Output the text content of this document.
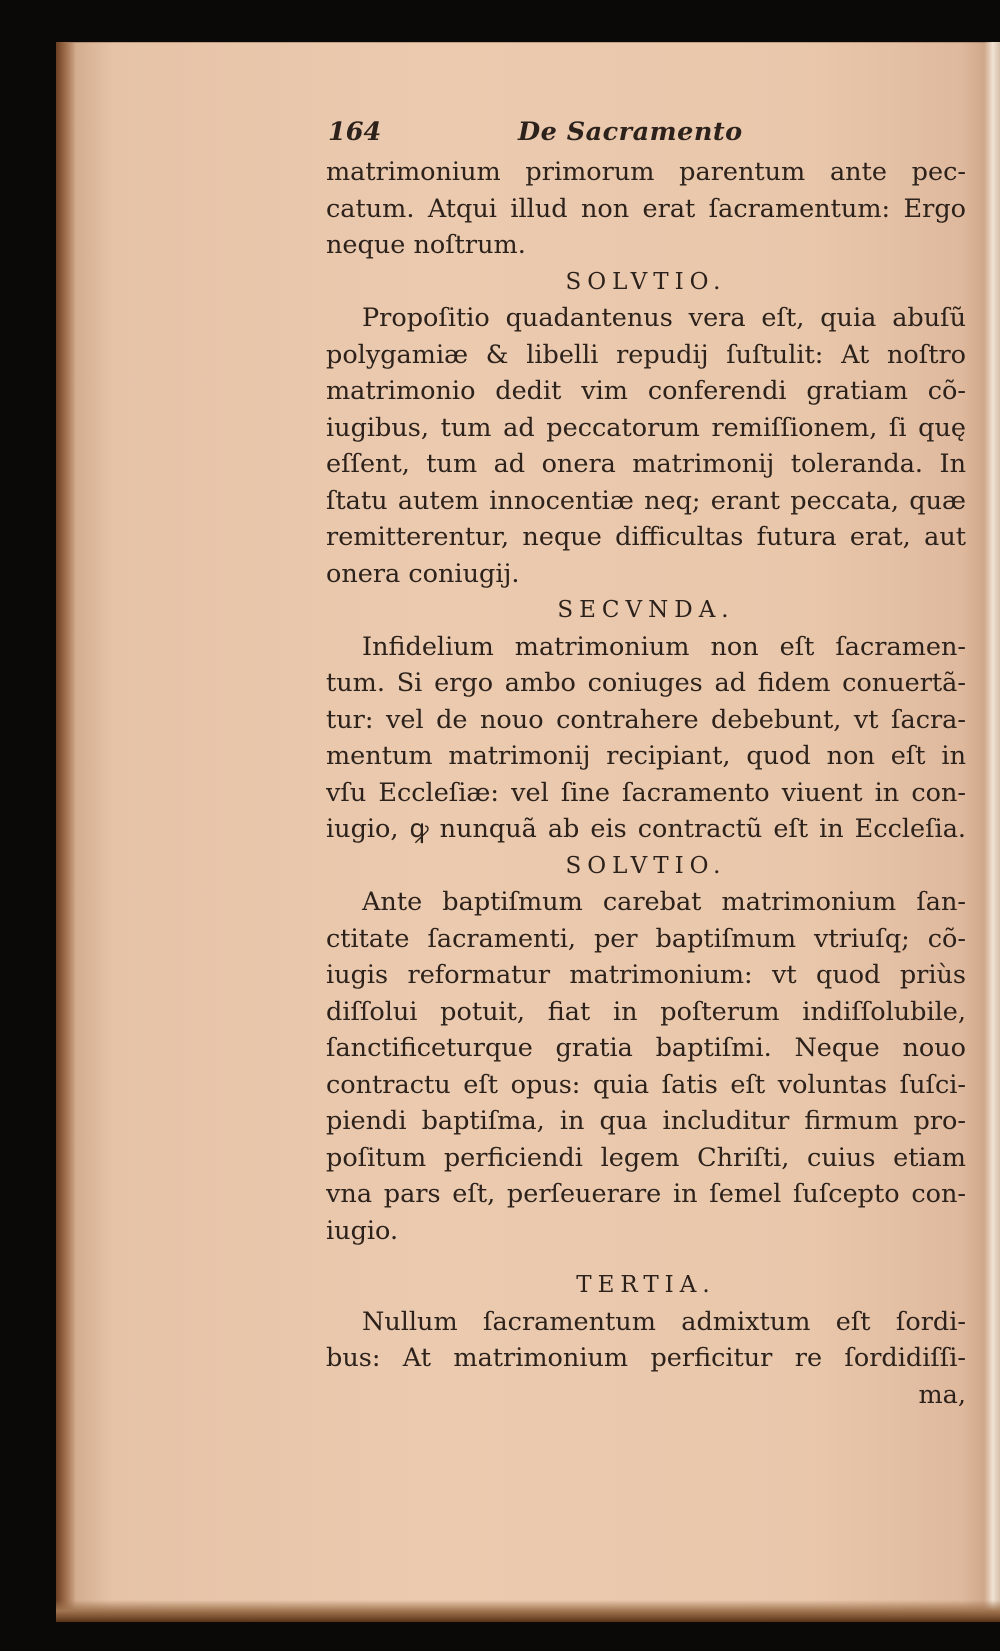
164	De Sacramento
matrimonium primorum parentum ante pec-
catum. Atqui illud non erat ſacramentum: Ergo
neque noſtrum.
SOLVTIO.
Propoſitio quadantenus vera eſt, quia abuſũ
polygamiæ & libelli repudij ſuſtulit: At noſtro
matrimonio dedit vim conferendi gratiam cõ-
iugibus, tum ad peccatorum remiſſionem, ſi quę
eſſent, tum ad onera matrimonij toleranda. In
ſtatu autem innocentiæ neq; erant peccata, quæ
remitterentur, neque difficultas futura erat, aut
onera coniugij.
SECVNDA.
Infidelium matrimonium non eſt ſacramen-
tum. Si ergo ambo coniuges ad fidem conuertã-
tur: vel de nouo contrahere debebunt, vt ſacra-
mentum matrimonij recipiant, quod non eſt in
vſu Eccleſiæ: vel ſine ſacramento viuent in con-
iugio, ꝙ nunquã ab eis contractũ eſt in Eccleſia.
SOLVTIO.
Ante baptiſmum carebat matrimonium ſan-
ctitate ſacramenti, per baptiſmum vtriuſq; cõ-
iugis reformatur matrimonium: vt quod priùs
diſſolui potuit, fiat in poſterum indiſſolubile,
ſanctificeturque gratia baptiſmi. Neque nouo
contractu eſt opus: quia ſatis eſt voluntas ſuſci-
piendi baptiſma, in qua includitur firmum pro-
poſitum perficiendi legem Chriſti, cuius etiam
vna pars eſt, perſeuerare in ſemel ſuſcepto con-
iugio.
TERTIA.
Nullum ſacramentum admixtum eſt ſordi-
bus: At matrimonium perficitur re ſordidiſſi-
ma,
